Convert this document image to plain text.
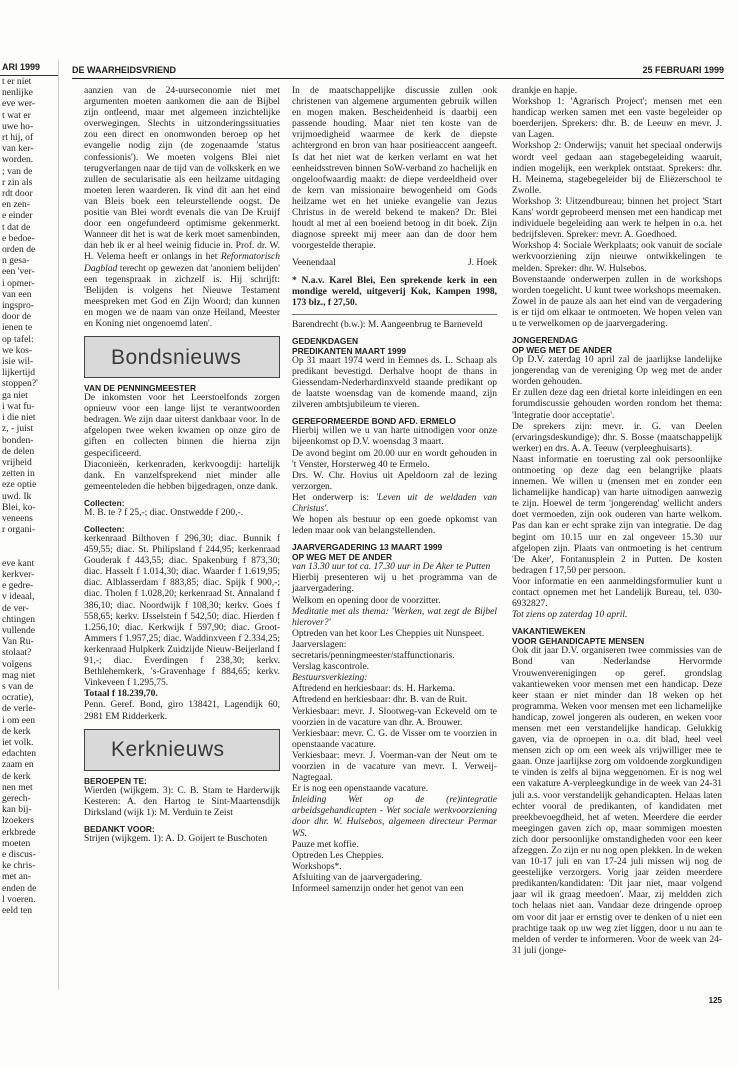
ARI 1999
t er niet
nenlijke
eve wer-
t wat er
uwe ho-
rt hij, of
van ker-
worden.
; van de
r zin als
rdt door
en zen-
e einder
t dat de
e bedoe-
orden de
n gesa-
een 'ver-
i opmer-
van een
ingspro-
door de
ienen te
op tafel:
we kos-
isie wil-
lijkertijd
stoppen?'
ga niet
i wat fu-
i die niet
z, - juist
bonden-
de delen
vrijheid
zetten in
eze optie
uwd. Ik
Blei, ko-
veneens
r organi-

eve kant
kerkver-
e gedre-
v ideaal,
de ver-
chtingen
vullende
Van Ru-
stolaat?
volgens
mag niet
s van de
ocratie),
de verle-
i om een
de kerk
iet volk.
edachten
zaam en
de kerk
nen met
gerech-
kan bij-
lzoekers
erkbrede
moeten
e discus-
ke chris-
met an-
enden de
l voeren.
eeld ten
DE WAARHEIDSVRIEND	25 FEBRUARI 1999

aanzien van de 24-uurseconomie niet met argumenten moeten aankomen die aan de Bijbel zijn ontleend, maar met algemeen inzichtelijke overwegingen. Slechts in uitzonderingssituaties zou een direct en onomwonden beroep op het evangelie nodig zijn (de zogenaamde 'status confessionis'). We moeten volgens Blei niet terugverlangen naar de tijd van de volkskerk en we zullen de secularisatie als een heilzame uitdaging moeten leren waarderen. Ik vind dit aan het eind van Bleis boek een teleurstellende oogst. De positie van Blei wordt evenals die van De Kruijf door een ongefundeerd optimisme gekenmerkt. Wanneer dit het is wat de kerk moet samenbinden, dan heb ik er al heel weinig fiducie in. Prof. dr. W. H. Velema heeft er onlangs in het Reformatorisch Dagblad terecht op gewezen dat 'anoniem belijden' een tegenspraak in zichzelf is. Hij schrijft: 'Belijden is volgens het Nieuwe Testament meespreken met God en Zijn Woord; dan kunnen en mogen we de naam van onze Heiland, Meester en Koning niet ongenoemd laten'.

Bondsnieuws
VAN DE PENNINGMEESTER

De inkomsten voor het Leerstoelfonds zorgen opnieuw voor een lange lijst te verantwoorden bedragen. We zijn daar uiterst dankbaar voor. In de afgelopen twee weken kwamen op onze giro de giften en collecten binnen die hierna zijn gespecificeerd.

Diaconieën, kerkenraden, kerkvoogdij: hartelijk dank. En vanzelfsprekend niet minder alle gemeenteleden die hebben bijgedragen, onze dank.

Collecten:

M. B. te ? f 25,-; diac. Onstwedde f 200,-.

Collecten:

kerkenraad Bilthoven f 296,30; diac. Bunnik f 459,55; diac. St. Philipsland f 244,95; kerkenraad Gouderak f 443,55; diac. Spakenburg f 873,30; diac. Hasselt f 1.014,30; diac. Waarder f 1.619,95; diac. Alblasserdam f 883,85; diac. Spijk f 900,-; diac. Tholen f 1.028,20; kerkenraad St. Annaland f 386,10; diac. Noordwijk f 108,30; kerkv. Goes f 558,65; kerkv. IJsselstein f 542,50; diac. Hierden f 1.256,10; diac. Kerkwijk f 597,90; diac. Groot-Ammers f 1.957,25; diac. Waddinxveen f 2.334,25; kerkenraad Hulpkerk Zuidzijde Nieuw-Beijerland f 91,-; diac. Everdingen f 238,30; kerkv. Bethlehemkerk, 's-Gravenhage f 884,65; kerkv. Vinkeveen f 1.295,75.

Totaal f 18.239,70.

Penn. Geref. Bond, giro 138421, Lagendijk 60, 2981 EM Ridderkerk.

Kerknieuws
BEROEPEN TE:

Wierden (wijkgem. 3): C. B. Stam te Harderwijk Kesteren: A. den Hartog te Sint-Maartensdijk Dirksland (wijk 1): M. Verduin te Zeist

BEDANKT VOOR:

Strijen (wijkgem. 1): A. D. Goijert te Buschoten

In de maatschappelijke discussie zullen ook christenen van algemene argumenten gebruik willen en mogen maken. Bescheidenheid is daarbij een passende houding. Maar niet ten koste van de vrijmoedigheid waarmee de kerk de diepste achtergrond en bron van haar positieaccent aangeeft. Is dat het niet wat de kerken verlamt en wat het eenheidsstreven binnen SoW-verband zo hachelijk en ongeloofwaardig maakt: de diepe verdeeldheid over de kern van missionaire bewogenheid om Gods heilzame wet en het unieke evangelie van Jezus Christus in de wereld bekend te maken? Dr. Blei houdt al met al een boeiend betoog in dit boek. Zijn diagnose spreekt mij meer aan dan de door hem voorgestelde therapie.

Veenendaal	J. Hoek

* N.a.v. Karel Blei, Een sprekende kerk in een mondige wereld, uitgeverij Kok, Kampen 1998, 173 blz., f 27,50.

Barendrecht (b.w.): M. Aangeenbrug te Barneveld

GEDENKDAGEN
PREDIKANTEN MAART 1999

Op 31 maart 1974 werd in Eemnes ds. L. Schaap als predikant bevestigd. Derhalve hoopt de thans in Giessendam-Nederhardinxveld staande predikant op de laatste woensdag van de komende maand, zijn zilveren ambtsjubileum te vieren.

GEREFORMEERDE BOND AFD. ERMELO

Hierbij willen we u van harte uitnodigen voor onze bijeenkomst op D.V. woensdag 3 maart.

De avond begint om 20.00 uur en wordt gehouden in 't Venster, Horsterweg 40 te Ermelo.

Drs. W. Chr. Hovius uit Apeldoorn zal de lezing verzorgen.

Het onderwerp is: 'Leven uit de weldaden van Christus'.

We hopen als bestuur op een goede opkomst van leden maar ook van belangstellenden.

JAARVERGADERING 13 MAART 1999
OP WEG MET DE ANDER

van 13.30 uur tot ca. 17.30 uur in De Aker te Putten

Hierbij presenteren wij u het programma van de jaarvergadering.

Welkom en opening door de voorzitter.

Meditatie met als thema: 'Werken, wat zegt de Bijbel hierover?'

Optreden van het koor Les Cheppies uit Nunspeet.

Jaarverslagen: secretaris/penningmeester/staffunctionaris.

Verslag kascontrole.

Bestuursverkiezing:

Aftredend en herkiesbaar: ds. H. Harkema.

Aftredend en herkiesbaar: dhr. B. van de Ruit.

Verkiesbaar: mevr. J. Slootweg-van Eckeveld om te voorzien in de vacature van dhr. A. Brouwer.

Verkiesbaar: mevr. C. G. de Visser om te voorzien in openstaande vacature.

Verkiesbaar: mevr. J. Voerman-van der Neut om te voorzien in de vacature van mevr. I. Verweij-Nagtegaal.

Er is nog een openstaande vacature.

Inleiding Wet op de (re)integratie arbeidsgehandicapten - Wet sociale werkvoorziening door dhr. W. Hulsebos, algemeen directeur Permar WS.

Pauze met koffie.

Optreden Les Cheppies.

Workshops*.

Afsluiting van de jaarvergadering.

Informeel samenzijn onder het genot van een

drankje en hapje.

Workshop 1: 'Agrarisch Project'; mensen met een handicap werken samen met een vaste begeleider op boerderijen. Sprekers: dhr. B. de Leeuw en mevr. J. van Lagen.

Workshop 2: Onderwijs; vanuit het speciaal onderwijs wordt veel gedaan aan stagebegeleiding waaruit, indien mogelijk, een werkplek ontstaat. Sprekers: dhr. H. Meinema, stagebegeleider bij de Eliëzerschool te Zwolle.

Workshop 3: Uitzendbureau; binnen het project 'Start Kans' wordt geprobeerd mensen met een handicap met individuele begeleiding aan werk te helpen in o.a. het bedrijfsleven. Spreker: mevr. A. Goedhoed.

Workshop 4: Sociale Werkplaats; ook vanuit de sociale werkvoorziening zijn nieuwe ontwikkelingen te melden. Spreker: dhr. W. Hulsebos.

Bovenstaande onderwerpen zullen in de workshops worden toegelicht. U kunt twee workshops meemaken.

Zowel in de pauze als aan het eind van de vergadering is er tijd om elkaar te ontmoeten. We hopen velen van u te verwelkomen op de jaarvergadering.

JONGERENDAG
OP WEG MET DE ANDER

Op D.V. zaterdag 10 april zal de jaarlijkse landelijke jongerendag van de vereniging Op weg met de ander worden gehouden.

Er zullen deze dag een drietal korte inleidingen en een forumdiscussie gehouden worden rondom het thema: 'Integratie door acceptatie'.

De sprekers zijn: mevr. ir. G. van Deelen (ervaringsdeskundige); dhr. S. Bosse (maatschappelijk werker) en drs. A. A. Teeuw (verpleeghuisarts).

Naast informatie en toerusting zal ook persoonlijke ontmoeting op deze dag een belangrijke plaats innemen. We willen u (mensen met en zonder een lichamelijke handicap) van harte uitnodigen aanwezig te zijn. Hoewel de term 'jongerendag' wellicht anders doet vermoeden, zijn ook ouderen van harte welkom. Pas dan kan er echt sprake zijn van integratie. De dag begint om 10.15 uur en zal ongeveer 15.30 uur afgelopen zijn. Plaats van ontmoeting is het centrum 'De Aker', Fontanusplein 2 in Putten. De kosten bedragen f 17,50 per persoon.

Voor informatie en een aanmeldingsformulier kunt u contact opnemen met het Landelijk Bureau, tel. 030-6932827.

Tot ziens op zaterdag 10 april.

VAKANTIEWEKEN
VOOR GEHANDICAPTE MENSEN

Ook dit jaar D.V. organiseren twee commissies van de Bond van Nederlandse Hervormde Vrouwenverenigingen op geref. grondslag vakantieweken voor mensen met een handicap. Deze keer staan er niet minder dan 18 weken op het programma. Weken voor mensen met een lichamelijke handicap, zowel jongeren als ouderen, en weken voor mensen met een verstandelijke handicap. Gelukkig gaven, via de oproepen in o.a. dit blad, heel veel mensen zich op om een week als vrijwilliger mee te gaan. Onze jaarlijkse zorg om voldoende zorgkundigen te vinden is zelfs al bijna weggenomen. Er is nog wel een vakature A-verpleegkundige in de week van 24-31 juli a.s. voor verstandelijk gehandicapten. Helaas laten echter vooral de predikanten, of kandidaten met preekbevoegdheid, het af weten. Meerdere die eerder meegingen gaven zich op, maar sommigen moesten zich door persoonlijke omstandigheden voor een keer afzeggen. Zo zijn er nu nog open plekken. In de weken van 10-17 juli en van 17-24 juli missen wij nog de geestelijke verzorgers. Vorig jaar zeiden meerdere predikanten/kandidaten: 'Dit jaar niet, maar volgend jaar wil ik graag meedoen'. Maar, zij meldden zich toch helaas niet aan. Vandaar deze dringende oproep om voor dit jaar er ernstig over te denken of u niet een prachtige taak op uw weg ziet liggen, door u nu aan te melden of verder te informeren. Voor de week van 24-31 juli (jonge-

125
